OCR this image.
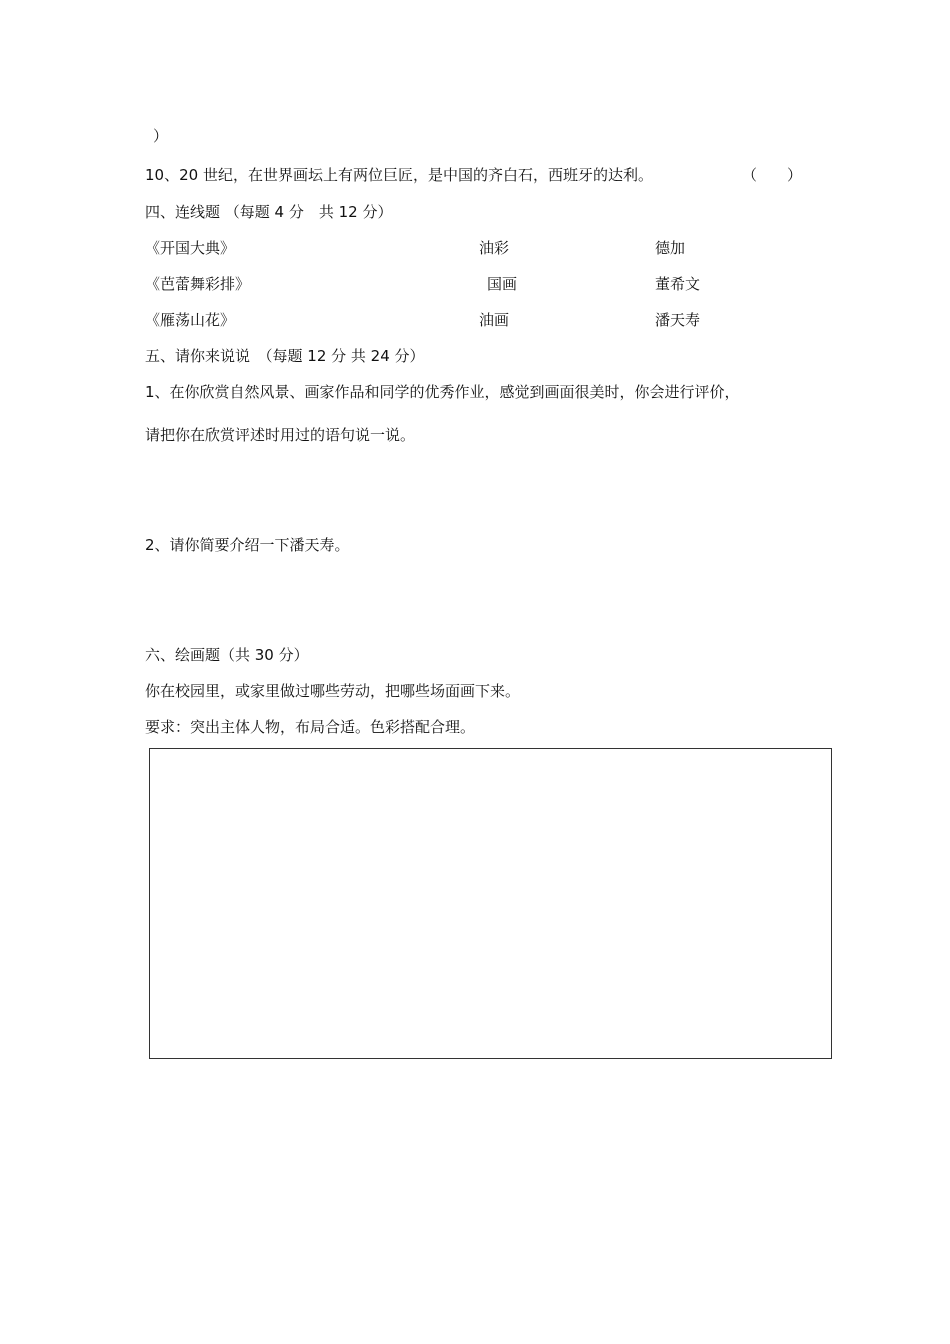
）
10、20 世纪，在世界画坛上有两位巨匠，是中国的齐白石，西班牙的达利。	（　　）
四、连线题 （每题 4 分　共 12 分）
《开国大典》	油彩	德加
《芭蕾舞彩排》	国画	董希文
《雁荡山花》	油画	潘天寿
五、请你来说说　（每题 12 分 共 24 分）
1、在你欣赏自然风景、画家作品和同学的优秀作业，感觉到画面很美时，你会进行评价，
请把你在欣赏评述时用过的语句说一说。
2、请你简要介绍一下潘天寿。
六、绘画题（共 30 分）
你在校园里，或家里做过哪些劳动，把哪些场面画下来。
要求：突出主体人物，布局合适。色彩搭配合理。
